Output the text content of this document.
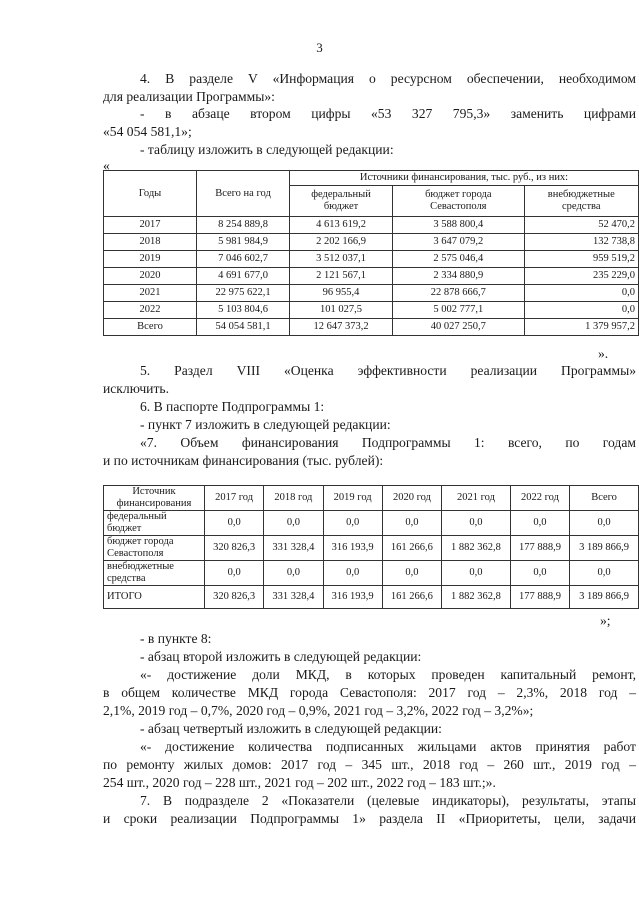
3
4. В разделе V «Информация о ресурсном обеспечении, необходимом
для реализации Программы»:
- в абзаце втором цифры «53 327 795,3» заменить цифрами
«54 054 581,1»;
- таблицу изложить в следующей редакции:
«
Годы	Всего на год	Источники финансирования, тыс. руб., из них:		
		федеральный бюджет	бюджет города Севастополя	внебюджетные средства
2017	8 254 889,8	4 613 619,2	3 588 800,4	52 470,2
2018	5 981 984,9	2 202 166,9	3 647 079,2	132 738,8
2019	7 046 602,7	3 512 037,1	2 575 046,4	959 519,2
2020	4 691 677,0	2 121 567,1	2 334 880,9	235 229,0
2021	22 975 622,1	96 955,4	22 878 666,7	0,0
2022	5 103 804,6	101 027,5	5 002 777,1	0,0
Всего	54 054 581,1	12 647 373,2	40 027 250,7	1 379 957,2
».
5. Раздел VIII «Оценка эффективности реализации Программы»
исключить.
6. В паспорте Подпрограммы 1:
- пункт 7 изложить в следующей редакции:
«7. Объем финансирования Подпрограммы 1: всего, по годам
и по источникам финансирования (тыс. рублей):
Источник финансирования	2017 год	2018 год	2019 год	2020 год	2021 год	2022 год	Всего
федеральный бюджет	0,0	0,0	0,0	0,0	0,0	0,0	0,0
бюджет города Севастополя	320 826,3	331 328,4	316 193,9	161 266,6	1 882 362,8	177 888,9	3 189 866,9
внебюджетные средства	0,0	0,0	0,0	0,0	0,0	0,0	0,0
ИТОГО	320 826,3	331 328,4	316 193,9	161 266,6	1 882 362,8	177 888,9	3 189 866,9
»;
- в пункте 8:
- абзац второй изложить в следующей редакции:
«- достижение доли МКД, в которых проведен капитальный ремонт,
в общем количестве МКД города Севастополя: 2017 год – 2,3%, 2018 год –
2,1%, 2019 год – 0,7%, 2020 год – 0,9%, 2021 год – 3,2%, 2022 год – 3,2%»;
- абзац четвертый изложить в следующей редакции:
«- достижение количества подписанных жильцами актов принятия работ
по ремонту жилых домов: 2017 год – 345 шт., 2018 год – 260 шт., 2019 год –
254 шт., 2020 год – 228 шт., 2021 год – 202 шт., 2022 год – 183 шт.;».
7. В подразделе 2 «Показатели (целевые индикаторы), результаты, этапы
и сроки реализации Подпрограммы 1» раздела II «Приоритеты, цели, задачи
